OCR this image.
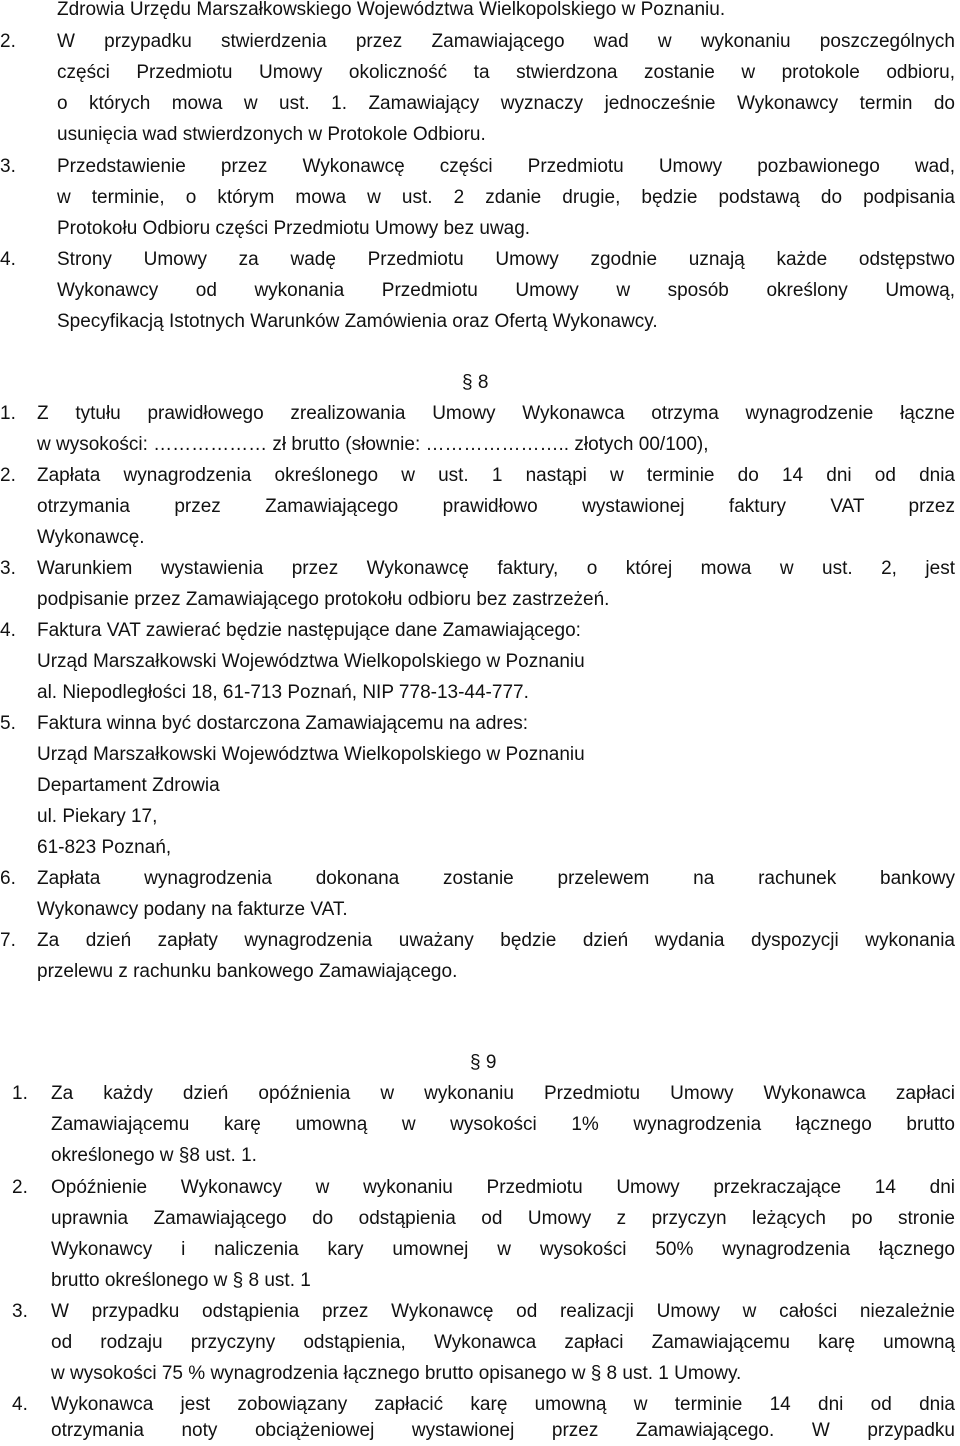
Zdrowia Urzędu Marszałkowskiego Województwa Wielkopolskiego w Poznaniu.
2. W przypadku stwierdzenia przez Zamawiającego wad w wykonaniu poszczególnych
części Przedmiotu Umowy okoliczność ta stwierdzona zostanie w protokole odbioru,
o których mowa w ust. 1. Zamawiający wyznaczy jednocześnie Wykonawcy termin do
usunięcia wad stwierdzonych w Protokole Odbioru.
3. Przedstawienie przez Wykonawcę części Przedmiotu Umowy pozbawionego wad,
w terminie, o którym mowa w ust. 2 zdanie drugie, będzie podstawą do podpisania
Protokołu Odbioru części Przedmiotu Umowy bez uwag.
4. Strony Umowy za wadę Przedmiotu Umowy zgodnie uznają każde odstępstwo
Wykonawcy od wykonania Przedmiotu Umowy w sposób określony Umową,
Specyfikacją Istotnych Warunków Zamówienia oraz Ofertą Wykonawcy.
§ 8
1. Z tytułu prawidłowego zrealizowania Umowy Wykonawca otrzyma wynagrodzenie łączne
w wysokości: ……………… zł brutto (słownie: ………………….. złotych 00/100),
2. Zapłata wynagrodzenia określonego w ust. 1 nastąpi w terminie do 14 dni od dnia
otrzymania przez Zamawiającego prawidłowo wystawionej faktury VAT przez
Wykonawcę.
3. Warunkiem wystawienia przez Wykonawcę faktury, o której mowa w ust. 2, jest
podpisanie przez Zamawiającego protokołu odbioru bez zastrzeżeń.
4. Faktura VAT zawierać będzie następujące dane Zamawiającego:
Urząd Marszałkowski Województwa Wielkopolskiego w Poznaniu
al. Niepodległości 18, 61-713 Poznań, NIP 778-13-44-777.
5. Faktura winna być dostarczona Zamawiającemu na adres:
Urząd Marszałkowski Województwa Wielkopolskiego w Poznaniu
Departament Zdrowia
ul. Piekary 17,
61-823 Poznań,
6. Zapłata wynagrodzenia dokonana zostanie przelewem na rachunek bankowy
Wykonawcy podany na fakturze VAT.
7. Za dzień zapłaty wynagrodzenia uważany będzie dzień wydania dyspozycji wykonania
przelewu z rachunku bankowego Zamawiającego.
§ 9
1. Za każdy dzień opóźnienia w wykonaniu Przedmiotu Umowy Wykonawca zapłaci
Zamawiającemu karę umowną w wysokości 1% wynagrodzenia łącznego brutto
określonego w §8 ust. 1.
2. Opóźnienie Wykonawcy w wykonaniu Przedmiotu Umowy przekraczające 14 dni
uprawnia Zamawiającego do odstąpienia od Umowy z przyczyn leżących po stronie
Wykonawcy i naliczenia kary umownej w wysokości 50% wynagrodzenia łącznego
brutto określonego w § 8 ust. 1
3. W przypadku odstąpienia przez Wykonawcę od realizacji Umowy w całości niezależnie
od rodzaju przyczyny odstąpienia, Wykonawca zapłaci Zamawiającemu karę umowną
w wysokości 75 % wynagrodzenia łącznego brutto opisanego w § 8 ust. 1 Umowy.
4. Wykonawca jest zobowiązany zapłacić karę umowną w terminie 14 dni od dnia
otrzymania noty obciążeniowej wystawionej przez Zamawiającego. W przypadku
